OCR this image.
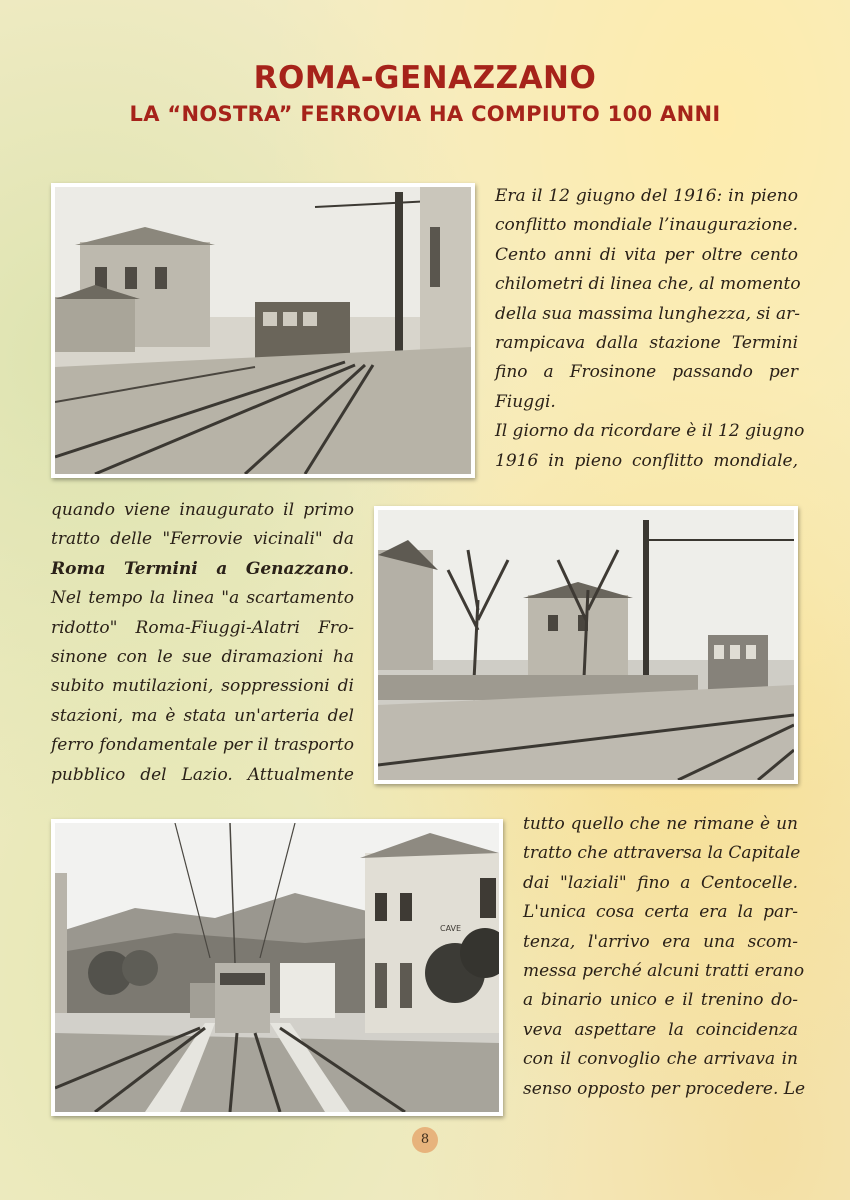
ROMA-GENAZZANO
LA “NOSTRA” FERROVIA HA COMPIUTO 100 ANNI
CAVE
Era il 12 giugno del 1916: in pieno
conflitto mondiale l’inaugurazione.
Cento anni di vita per oltre cento
chilometri di linea che, al momento
della sua massima lunghezza, si ar-
rampicava dalla stazione Termini
fino a Frosinone passando per
Fiuggi.
Il giorno da ricordare è il 12 giugno
1916 in pieno conflitto mondiale,
quando viene inaugurato il primo
tratto delle "Ferrovie vicinali" da
Roma Termini a Genazzano.
Nel tempo la linea "a scartamento
ridotto" Roma-Fiuggi-Alatri Fro-
sinone con le sue diramazioni ha
subito mutilazioni, soppressioni di
stazioni, ma è stata un'arteria del
ferro fondamentale per il trasporto
pubblico del Lazio. Attualmente
tutto quello che ne rimane è un
tratto che attraversa la Capitale
dai "laziali" fino a Centocelle.
L'unica cosa certa era la par-
tenza, l'arrivo era una scom-
messa perché alcuni tratti erano
a binario unico e il trenino do-
veva aspettare la coincidenza
con il convoglio che arrivava in
senso opposto per procedere. Le
8
